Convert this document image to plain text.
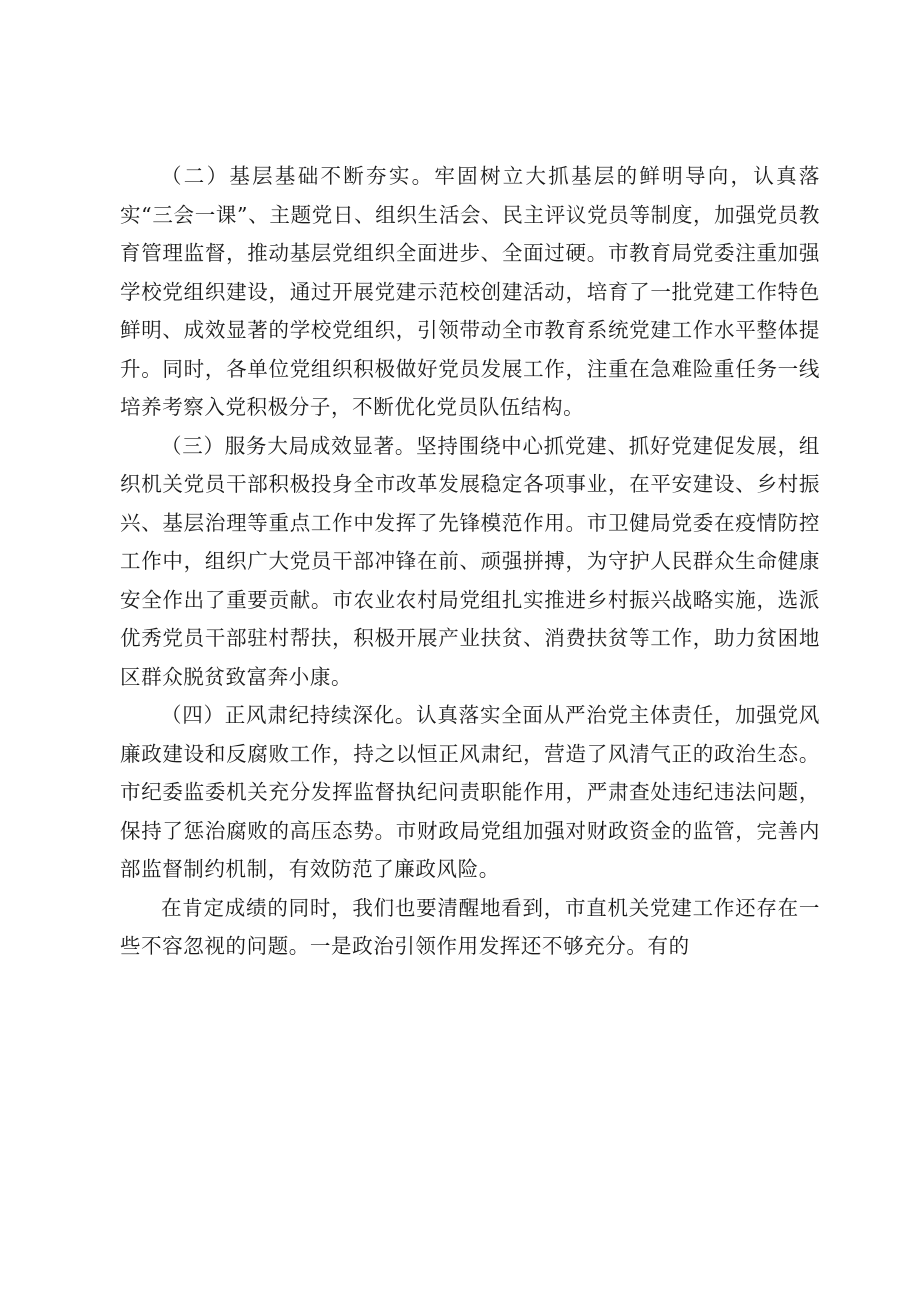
（二）基层基础不断夯实。牢固树立大抓基层的鲜明导向，认真落实“三会一课”、主题党日、组织生活会、民主评议党员等制度，加强党员教育管理监督，推动基层党组织全面进步、全面过硬。市教育局党委注重加强学校党组织建设，通过开展党建示范校创建活动，培育了一批党建工作特色鲜明、成效显著的学校党组织，引领带动全市教育系统党建工作水平整体提升。同时，各单位党组织积极做好党员发展工作，注重在急难险重任务一线培养考察入党积极分子，不断优化党员队伍结构。

（三）服务大局成效显著。坚持围绕中心抓党建、抓好党建促发展，组织机关党员干部积极投身全市改革发展稳定各项事业，在平安建设、乡村振兴、基层治理等重点工作中发挥了先锋模范作用。市卫健局党委在疫情防控工作中，组织广大党员干部冲锋在前、顽强拼搏，为守护人民群众生命健康安全作出了重要贡献。市农业农村局党组扎实推进乡村振兴战略实施，选派优秀党员干部驻村帮扶，积极开展产业扶贫、消费扶贫等工作，助力贫困地区群众脱贫致富奔小康。

（四）正风肃纪持续深化。认真落实全面从严治党主体责任，加强党风廉政建设和反腐败工作，持之以恒正风肃纪，营造了风清气正的政治生态。市纪委监委机关充分发挥监督执纪问责职能作用，严肃查处违纪违法问题，保持了惩治腐败的高压态势。市财政局党组加强对财政资金的监管，完善内部监督制约机制，有效防范了廉政风险。

在肯定成绩的同时，我们也要清醒地看到，市直机关党建工作还存在一些不容忽视的问题。一是政治引领作用发挥还不够充分。有的
